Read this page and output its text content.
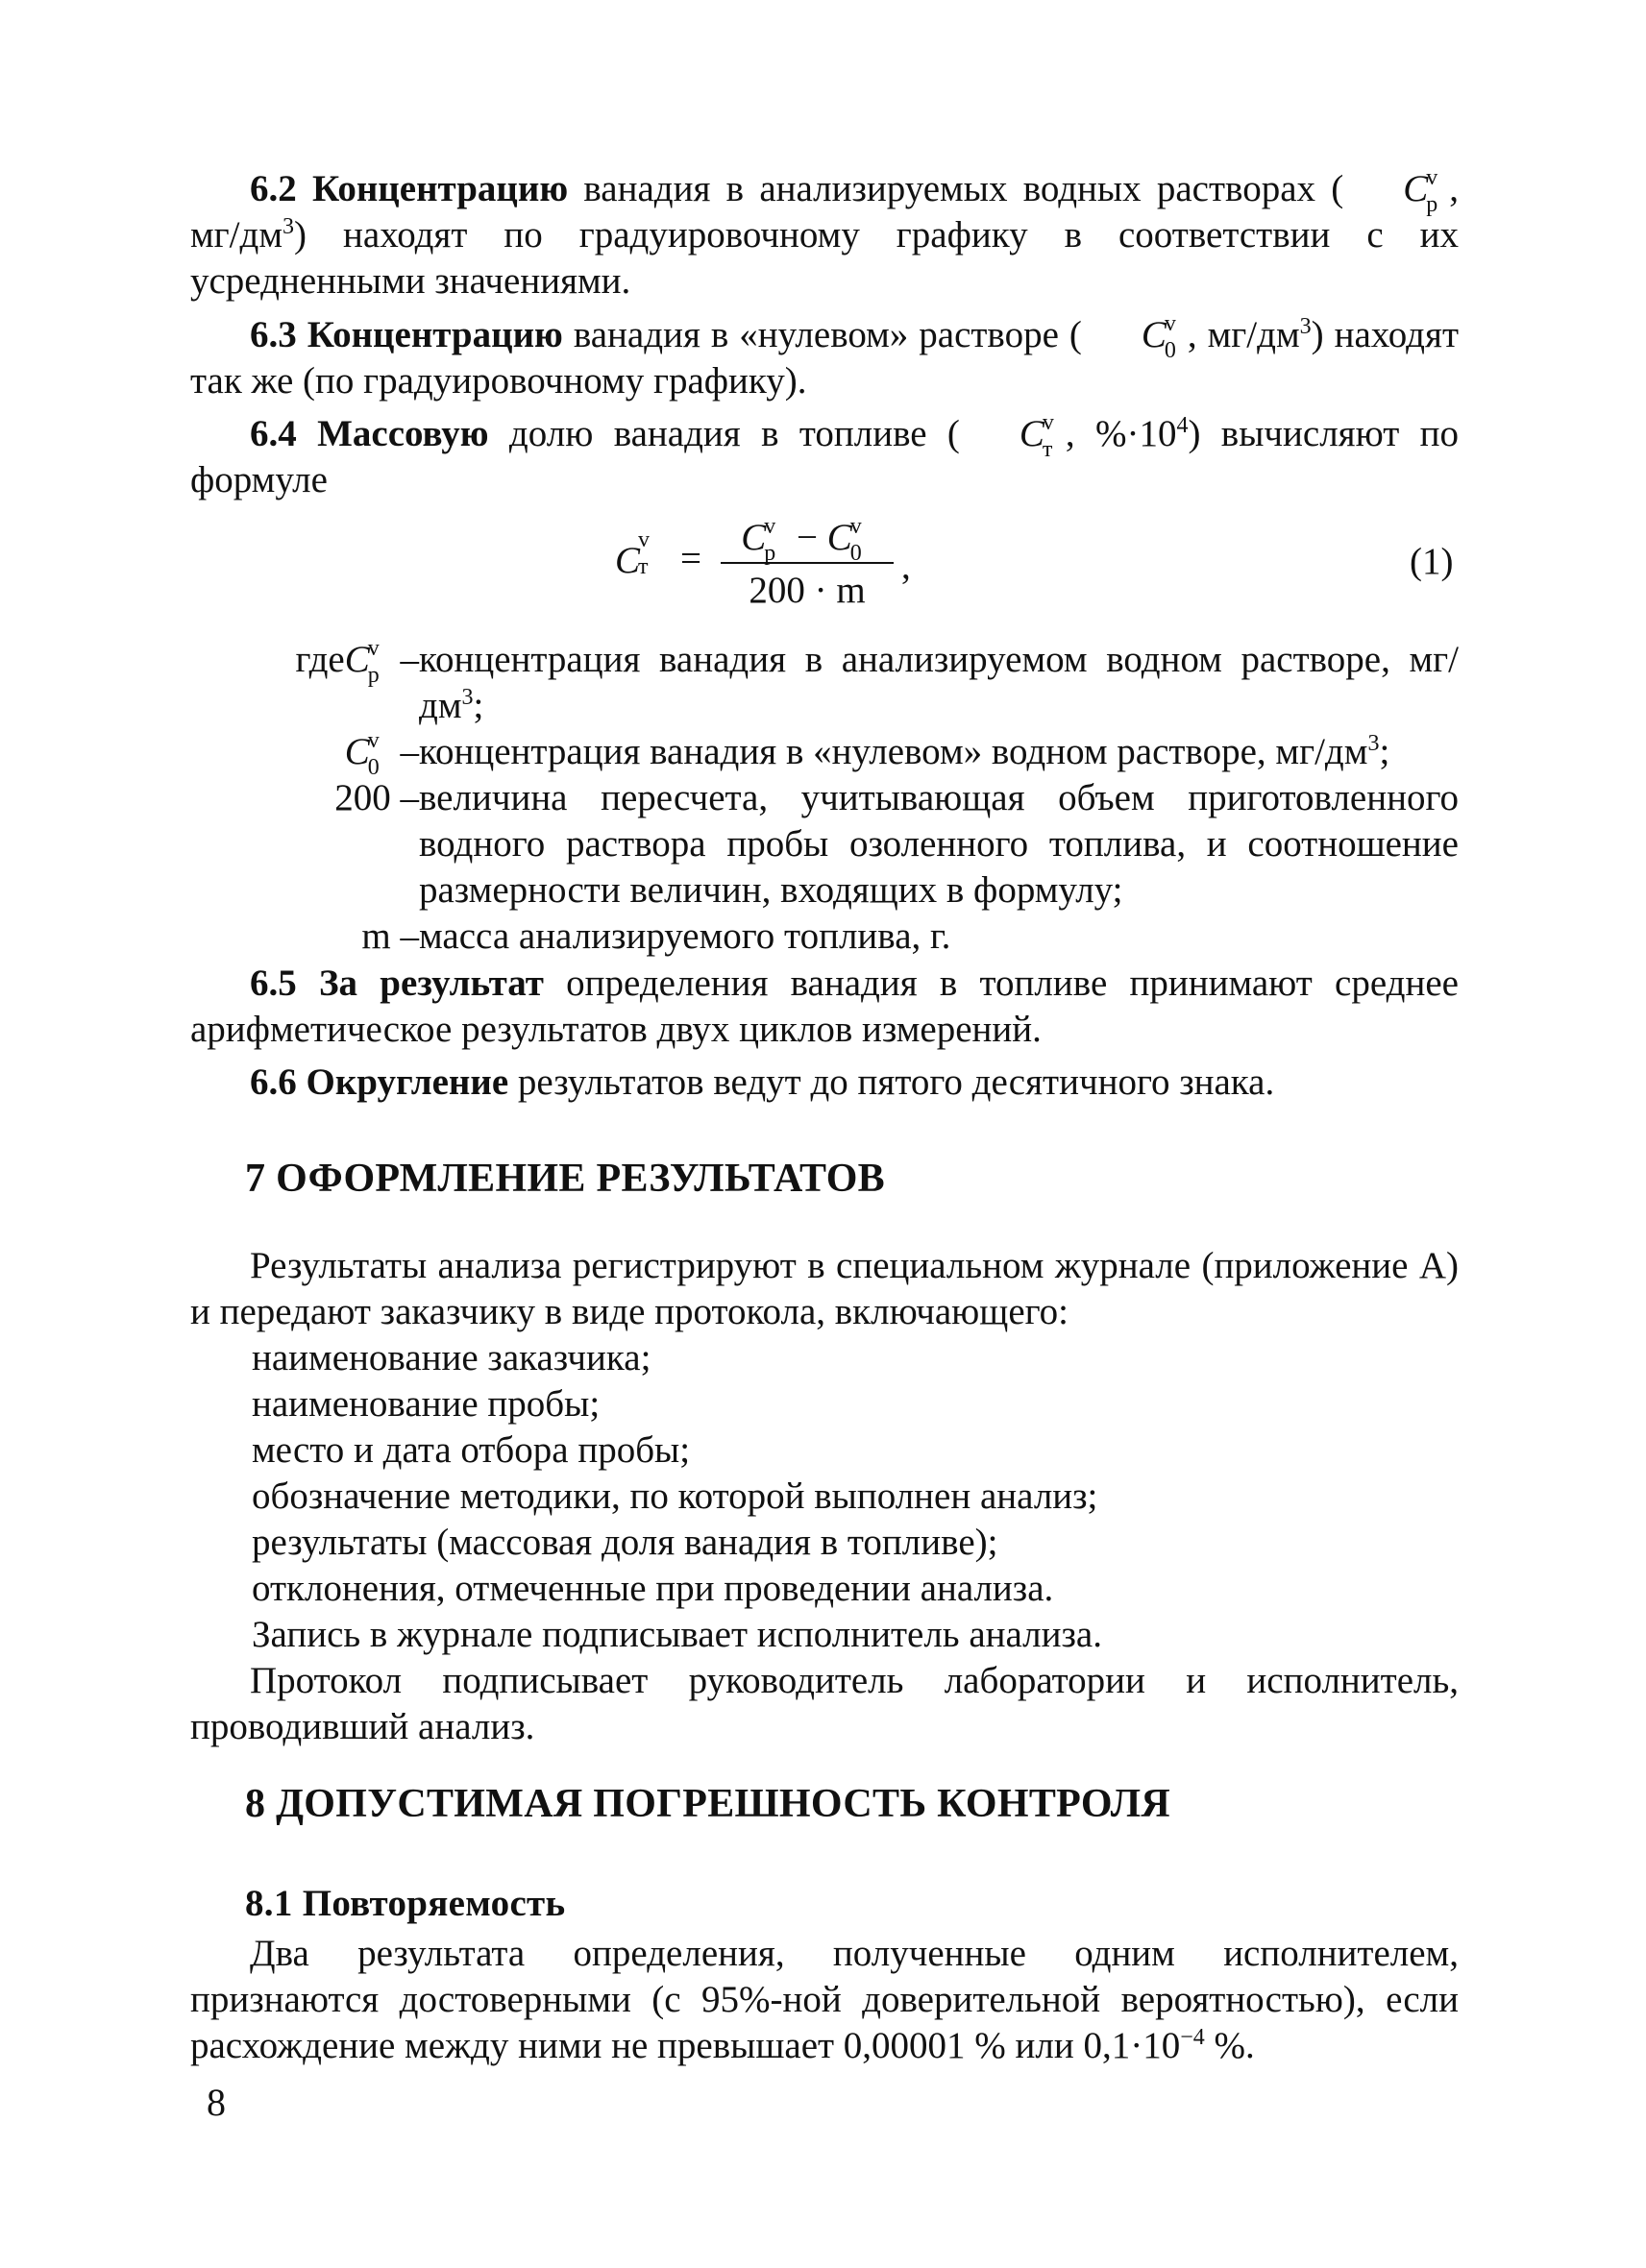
6.2 Концентрацию ванадия в анализируемых водных растворах ( C
v
p , $мг/дм^3$) находят по градуировочному графику в соответствии с их усредненными значениями.
6.3 Концентрацию ванадия в «нулевом» растворе ( C
v
0 , $мг/дм^3$) находят так же (по градуировочному графику).
6.4 Массовую долю ванадия в топливе ( C
v
т , $\%\cdot 10^4$) вычисляют по формуле
C
v
т =
C
v
p − C
v
0
200 · m
,	(1)
гдеC
v
p – концентрация ванадия в анализируемом водном растворе, $мг/дм^3$;
C
v
0 – концентрация ванадия в «нулевом» водном растворе, $мг/дм^3$;
200 – величина пересчета, учитывающая объем приготовленного водного раствора пробы озоленного топлива, и соотношение размерности величин, входящих в формулу;
m – масса анализируемого топлива, г.
6.5 За результат определения ванадия в топливе принимают среднее арифметическое результатов двух циклов измерений.
6.6 Округление результатов ведут до пятого десятичного знака.
7 ОФОРМЛЕНИЕ РЕЗУЛЬТАТОВ
Результаты анализа регистрируют в специальном журнале (приложение А) и передают заказчику в виде протокола, включающего:
наименование заказчика;
наименование пробы;
место и дата отбора пробы;
обозначение методики, по которой выполнен анализ;
результаты (массовая доля ванадия в топливе);
отклонения, отмеченные при проведении анализа.
Запись в журнале подписывает исполнитель анализа.
Протокол подписывает руководитель лаборатории и исполнитель, проводивший анализ.
8 ДОПУСТИМАЯ ПОГРЕШНОСТЬ КОНТРОЛЯ
8.1 Повторяемость
Два результата определения, полученные одним исполнителем, признаются достоверными (с 95%-ной доверительной вероятностью), если расхождение между ними не превышает 0,00001 % или $0,1\cdot 10^{-4}$ %.
8
